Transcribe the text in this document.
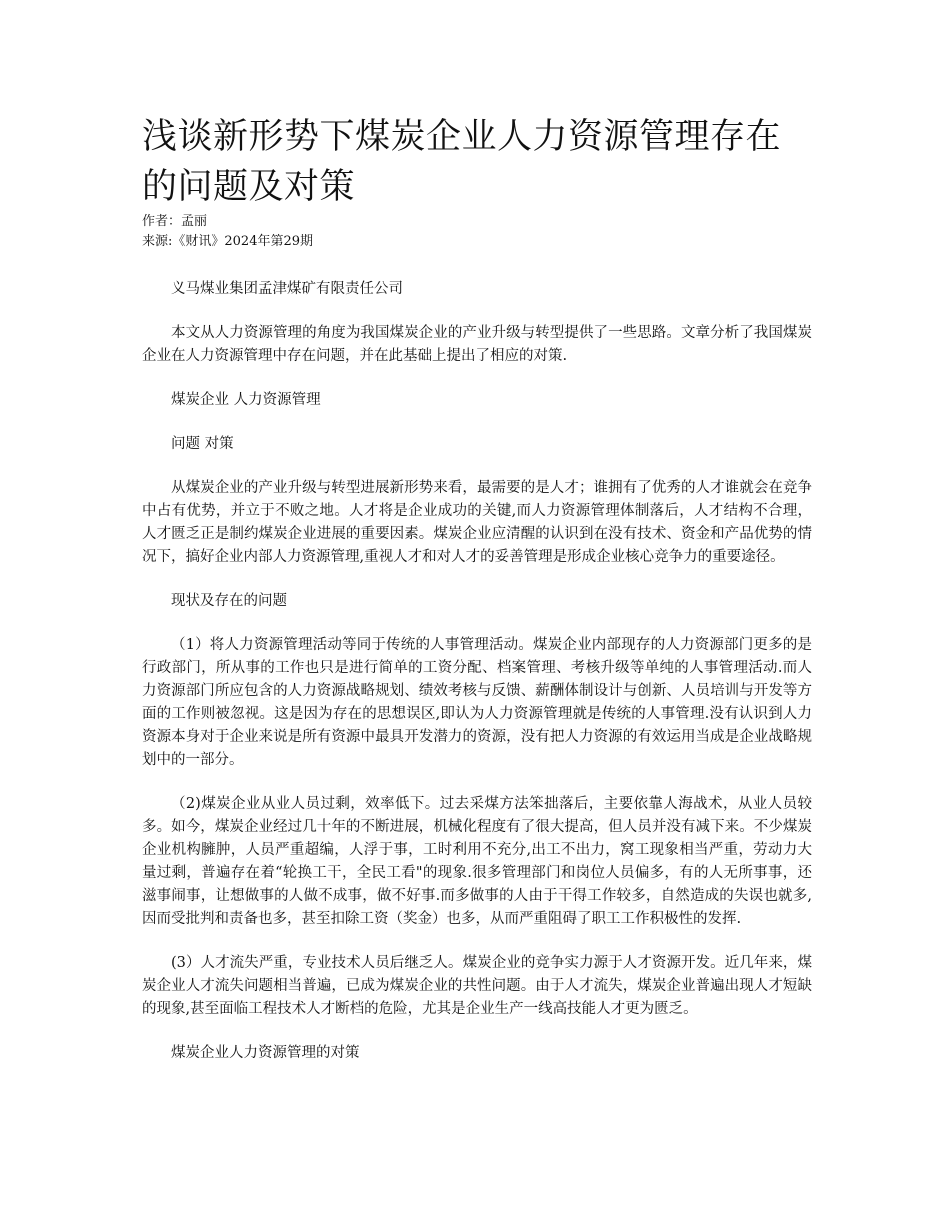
浅谈新形势下煤炭企业人力资源管理存在的问题及对策

作者：孟丽

来源:《财讯》2024年第29期

义马煤业集团孟津煤矿有限责任公司

本文从人力资源管理的角度为我国煤炭企业的产业升级与转型提供了一些思路。文章分析了我国煤炭企业在人力资源管理中存在问题，并在此基础上提出了相应的对策.

煤炭企业 人力资源管理

问题 对策

从煤炭企业的产业升级与转型进展新形势来看，最需要的是人才；谁拥有了优秀的人才谁就会在竞争中占有优势，并立于不败之地。人才将是企业成功的关键,而人力资源管理体制落后，人才结构不合理，人才匮乏正是制约煤炭企业进展的重要因素。煤炭企业应清醒的认识到在没有技术、资金和产品优势的情况下，搞好企业内部人力资源管理,重视人才和对人才的妥善管理是形成企业核心竞争力的重要途径。

现状及存在的问题

（1）将人力资源管理活动等同于传统的人事管理活动。煤炭企业内部现存的人力资源部门更多的是行政部门，所从事的工作也只是进行简单的工资分配、档案管理、考核升级等单纯的人事管理活动.而人力资源部门所应包含的人力资源战略规划、绩效考核与反馈、薪酬体制设计与创新、人员培训与开发等方面的工作则被忽视。这是因为存在的思想误区,即认为人力资源管理就是传统的人事管理.没有认识到人力资源本身对于企业来说是所有资源中最具开发潜力的资源，没有把人力资源的有效运用当成是企业战略规划中的一部分。

（2)煤炭企业从业人员过剩，效率低下。过去采煤方法笨拙落后，主要依靠人海战术，从业人员较多。如今，煤炭企业经过几十年的不断进展，机械化程度有了很大提高，但人员并没有减下来。不少煤炭企业机构臃肿，人员严重超编，人浮于事，工时利用不充分,出工不出力，窝工现象相当严重，劳动力大量过剩，普遍存在着“轮换工干，全民工看"的现象.很多管理部门和岗位人员偏多，有的人无所事事，还滋事闹事，让想做事的人做不成事，做不好事.而多做事的人由于干得工作较多，自然造成的失误也就多,因而受批判和责备也多，甚至扣除工资（奖金）也多，从而严重阻碍了职工工作积极性的发挥.

(3）人才流失严重，专业技术人员后继乏人。煤炭企业的竞争实力源于人才资源开发。近几年来，煤炭企业人才流失问题相当普遍，已成为煤炭企业的共性问题。由于人才流失，煤炭企业普遍出现人才短缺的现象,甚至面临工程技术人才断档的危险，尤其是企业生产一线高技能人才更为匮乏。

煤炭企业人力资源管理的对策
